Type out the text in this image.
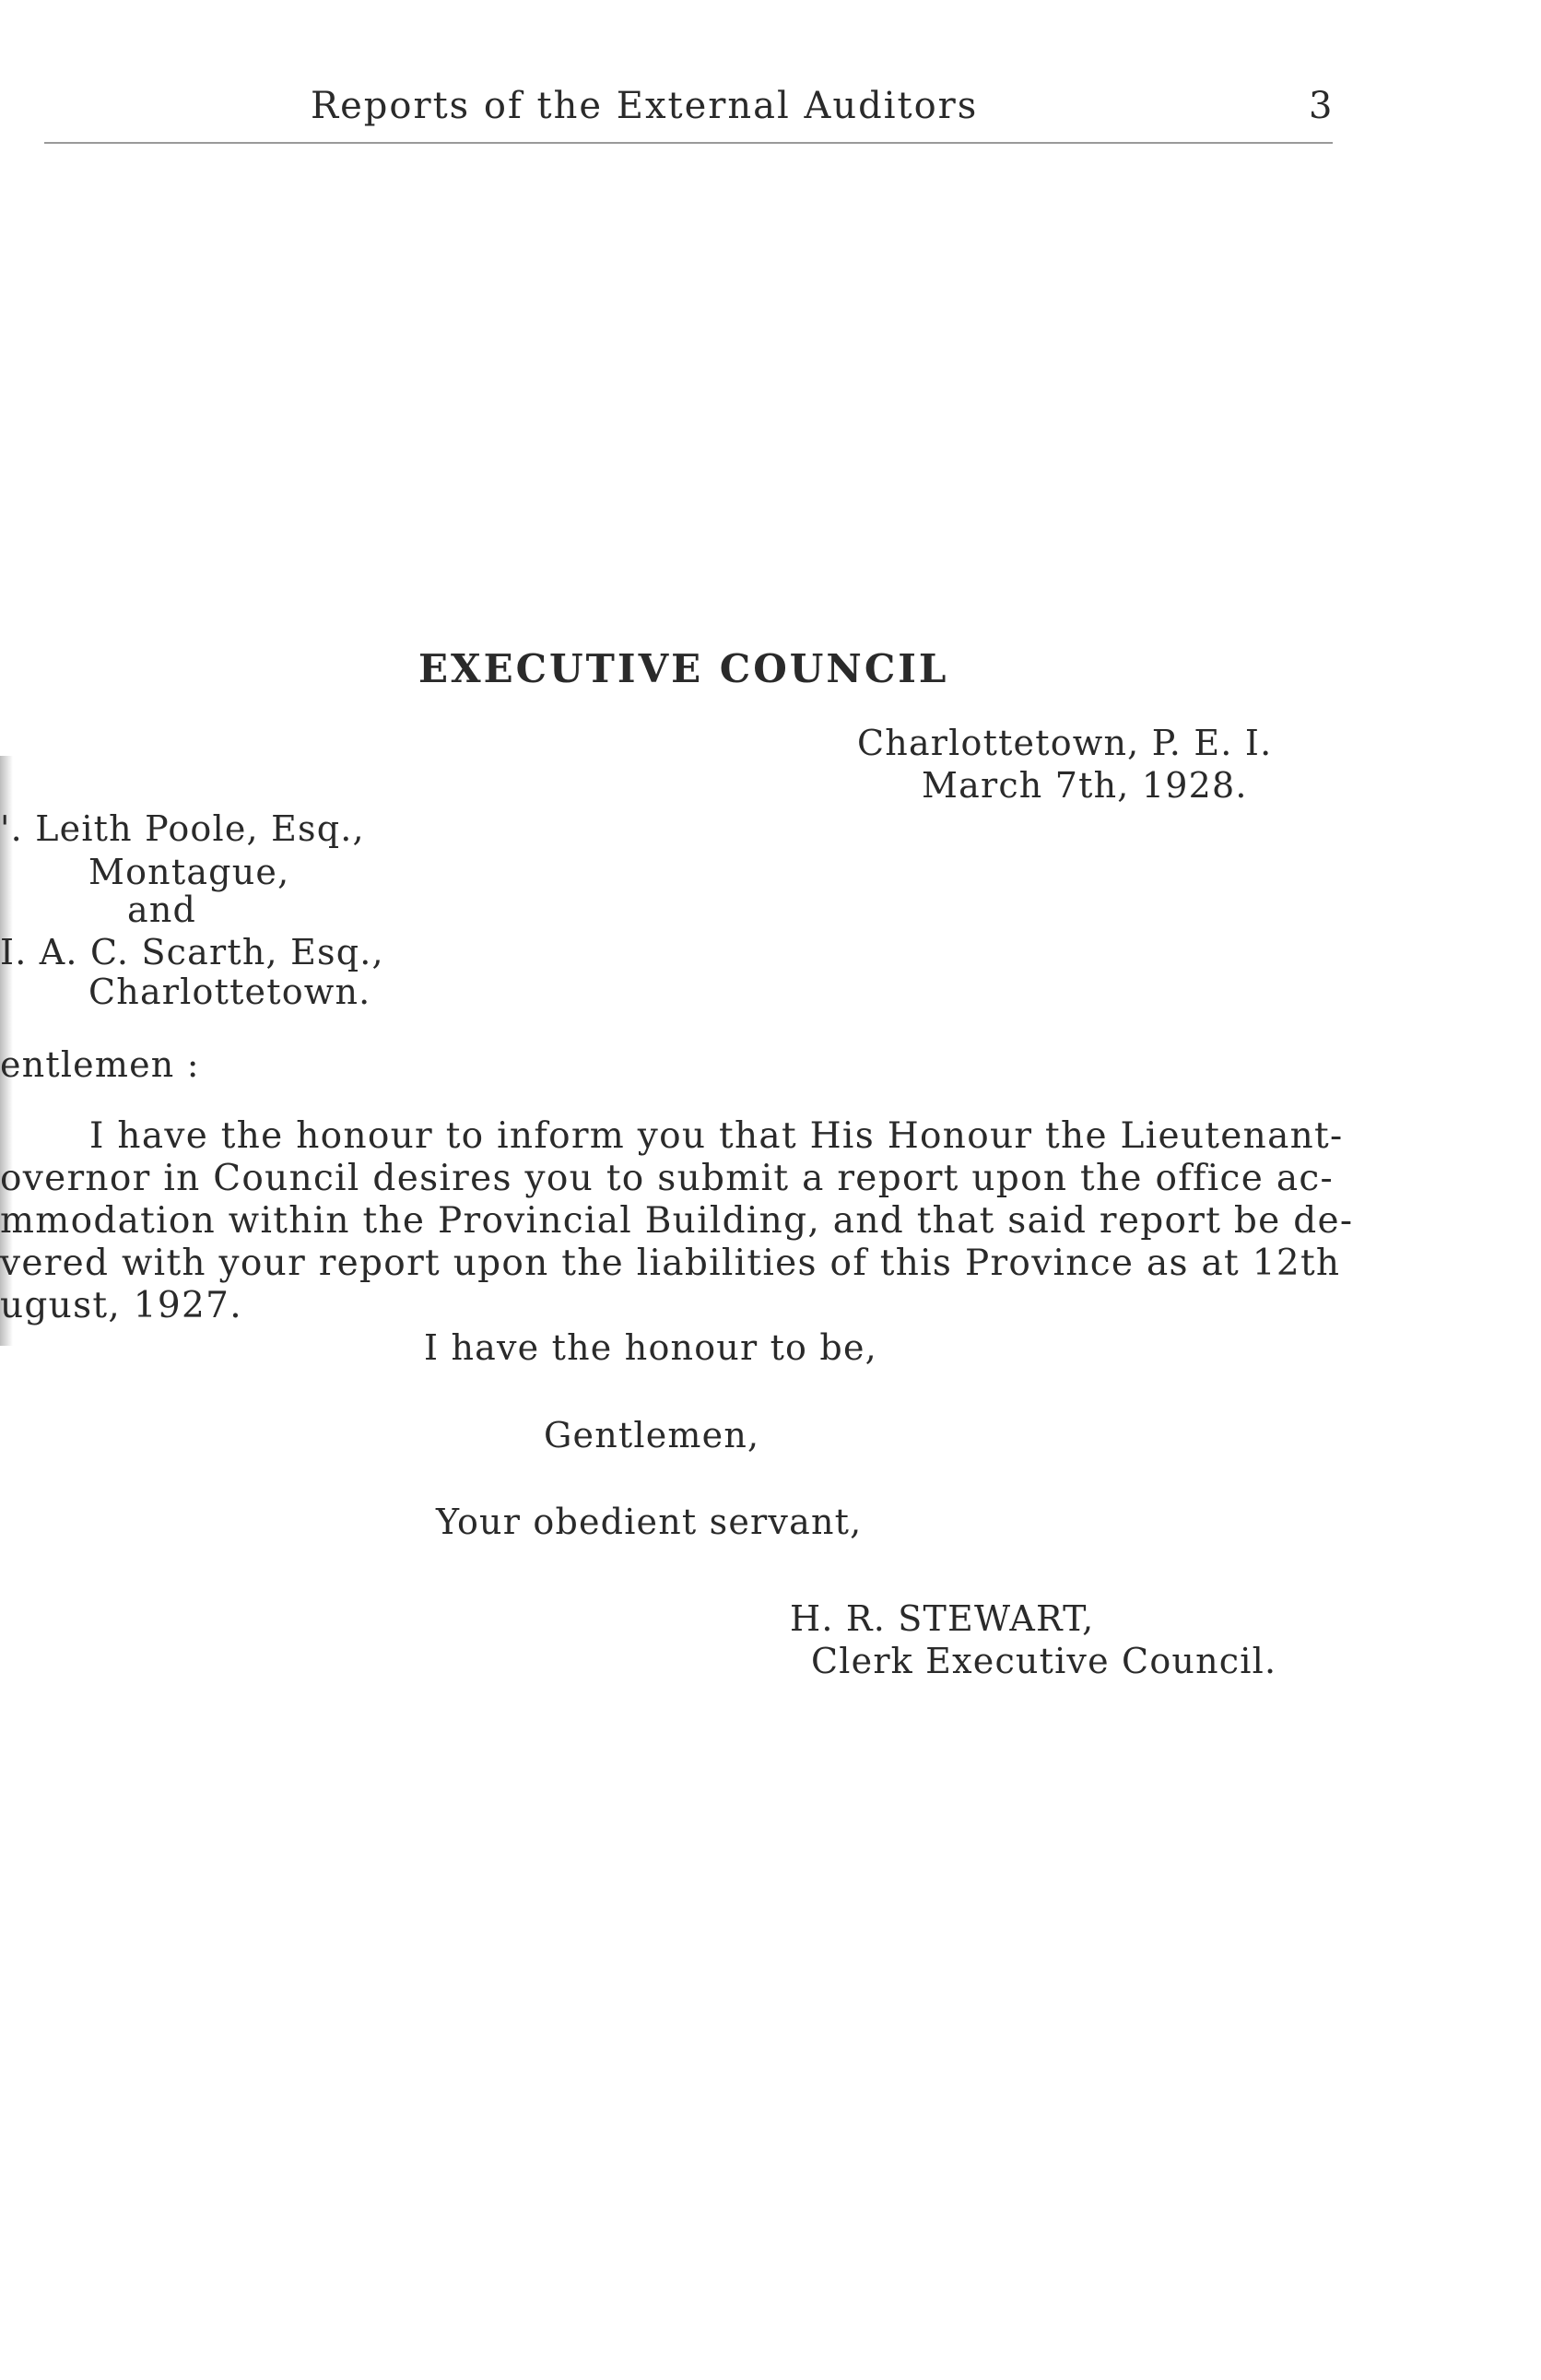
Reports of the External Auditors	3
EXECUTIVE COUNCIL
Charlottetown, P. E. I.
March 7th, 1928.
'. Leith Poole, Esq.,
Montague,
and
I. A. C. Scarth, Esq.,
Charlottetown.
entlemen :
I have the honour to inform you that His Honour the Lieutenant-
overnor in Council desires you to submit a report upon the office ac-
mmodation within the Provincial Building, and that said report be de-
vered with your report upon the liabilities of this Province as at 12th
ugust, 1927.
I have the honour to be,
Gentlemen,
Your obedient servant,
H. R. STEWART,
Clerk Executive Council.
